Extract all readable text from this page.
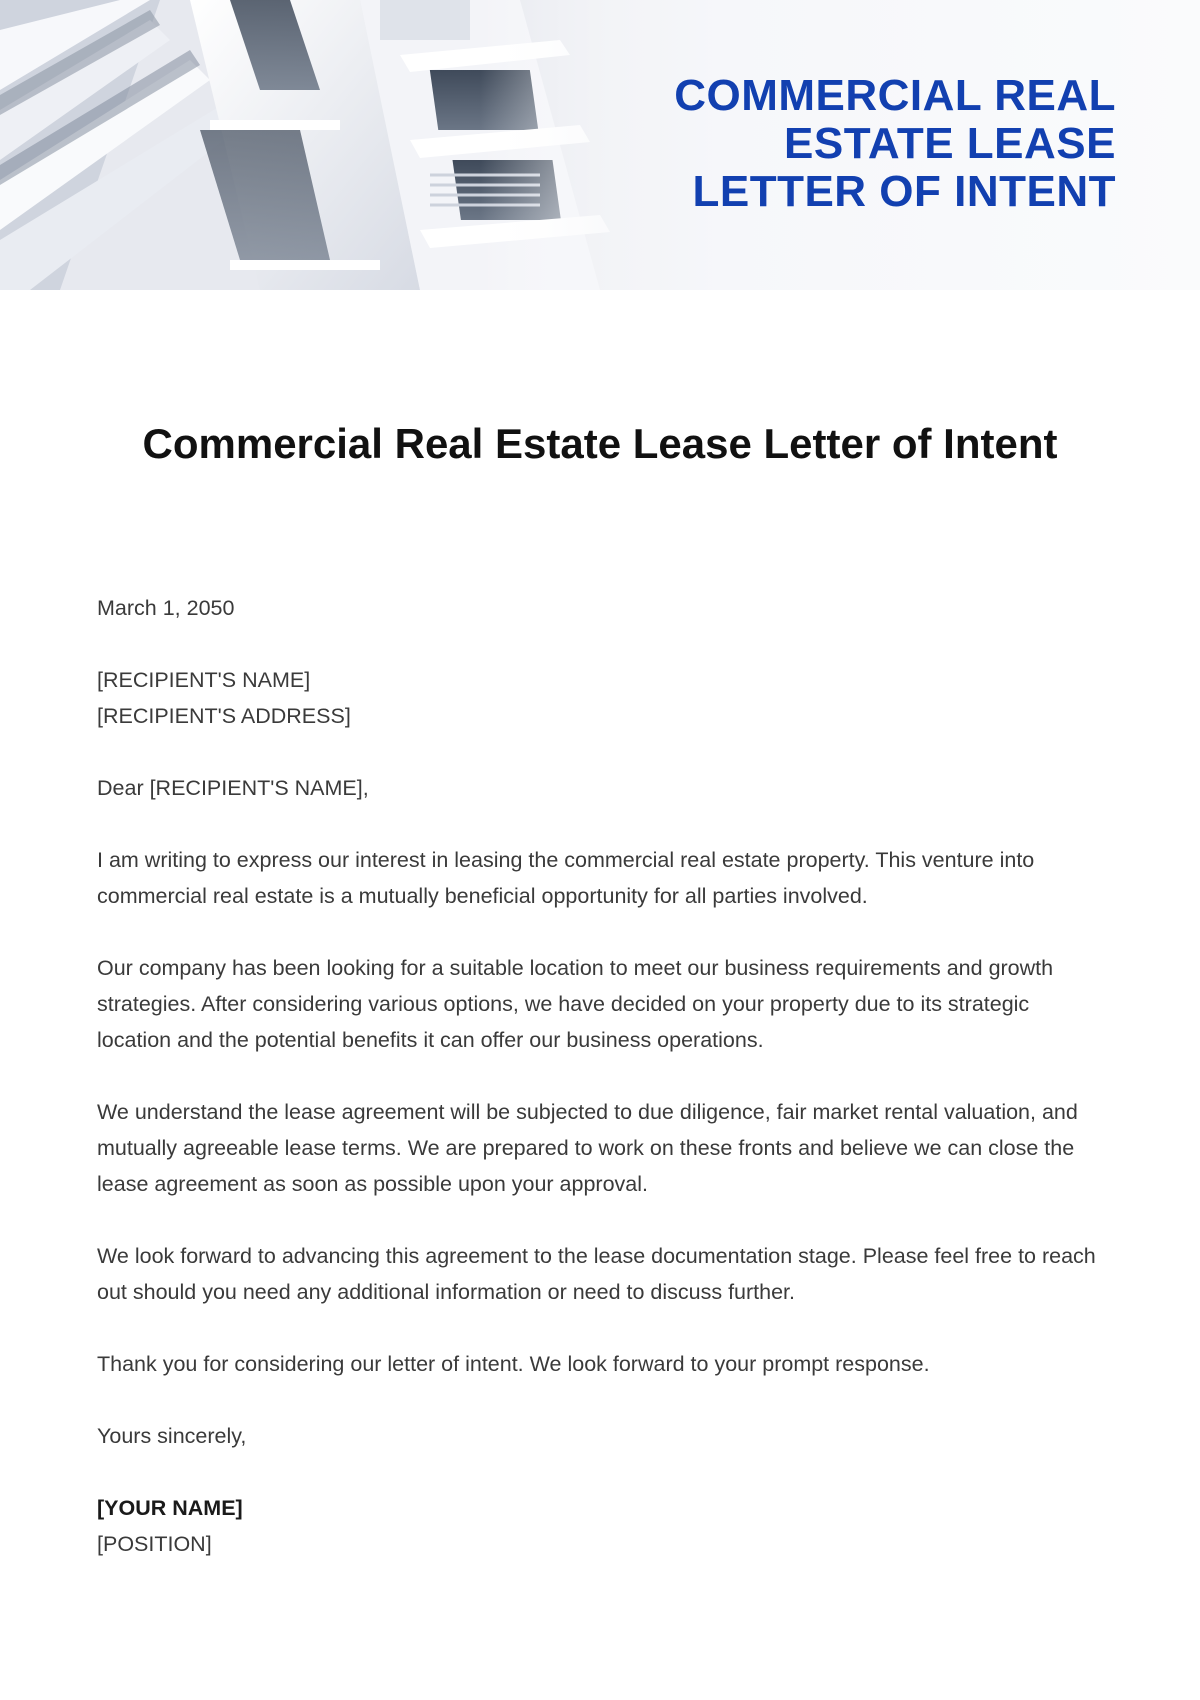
COMMERCIAL REAL
ESTATE LEASE
LETTER OF INTENT
Commercial Real Estate Lease Letter of Intent

March 1, 2050

[RECIPIENT'S NAME]
[RECIPIENT'S ADDRESS]

Dear [RECIPIENT'S NAME],

I am writing to express our interest in leasing the commercial real estate property. This venture into commercial real estate is a mutually beneficial opportunity for all parties involved.

Our company has been looking for a suitable location to meet our business requirements and growth strategies. After considering various options, we have decided on your property due to its strategic location and the potential benefits it can offer our business operations.

We understand the lease agreement will be subjected to due diligence, fair market rental valuation, and mutually agreeable lease terms. We are prepared to work on these fronts and believe we can close the lease agreement as soon as possible upon your approval.

We look forward to advancing this agreement to the lease documentation stage. Please feel free to reach out should you need any additional information or need to discuss further.

Thank you for considering our letter of intent. We look forward to your prompt response.

Yours sincerely,

[YOUR NAME]
[POSITION]
